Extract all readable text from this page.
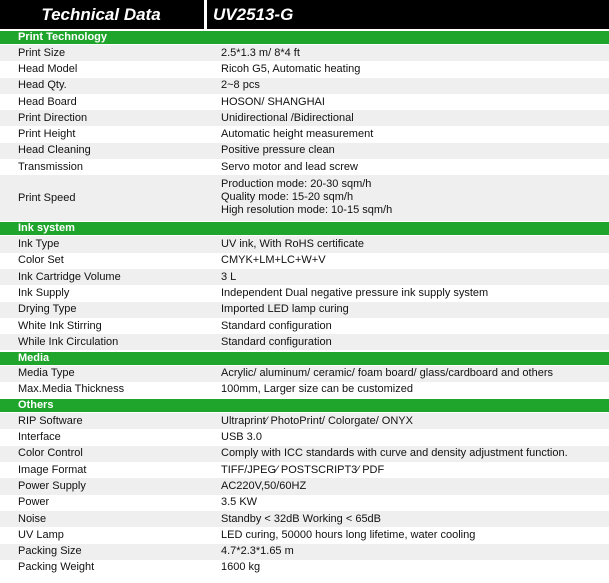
Technical Data	UV2513-G
Print Technology
Print Size	2.5*1.3 m/ 8*4 ft
Head Model	Ricoh G5, Automatic heating
Head Qty.	2~8 pcs
Head Board	HOSON/ SHANGHAI
Print Direction	Unidirectional /Bidirectional
Print Height	Automatic height measurement
Head Cleaning	Positive pressure clean
Transmission	Servo motor and lead screw
Print Speed
Production mode: 20-30 sqm/h
Quality mode: 15-20 sqm/h
High resolution mode: 10-15 sqm/h
Ink system
Ink Type	UV ink, With RoHS certificate
Color Set	CMYK+LM+LC+W+V
Ink Cartridge Volume	3 L
Ink Supply	Independent Dual negative pressure ink supply system
Drying Type	Imported LED lamp curing
White Ink Stirring	Standard configuration
While Ink Circulation	Standard configuration
Media
Media Type	Acrylic/ aluminum/ ceramic/ foam board/ glass/cardboard and others
Max.Media Thickness	100mm, Larger size can be customized
Others
RIP Software	Ultraprint⁄ PhotoPrint/ Colorgate/ ONYX
Interface	USB 3.0
Color Control	Comply with ICC standards with curve and density adjustment function.
Image Format	TIFF/JPEG⁄ POSTSCRIPT3⁄ PDF
Power Supply	AC220V,50/60HZ
Power	3.5 KW
Noise	Standby < 32dB Working < 65dB
UV Lamp	LED curing, 50000 hours long lifetime, water cooling
Packing Size	4.7*2.3*1.65 m
Packing Weight	1600 kg
